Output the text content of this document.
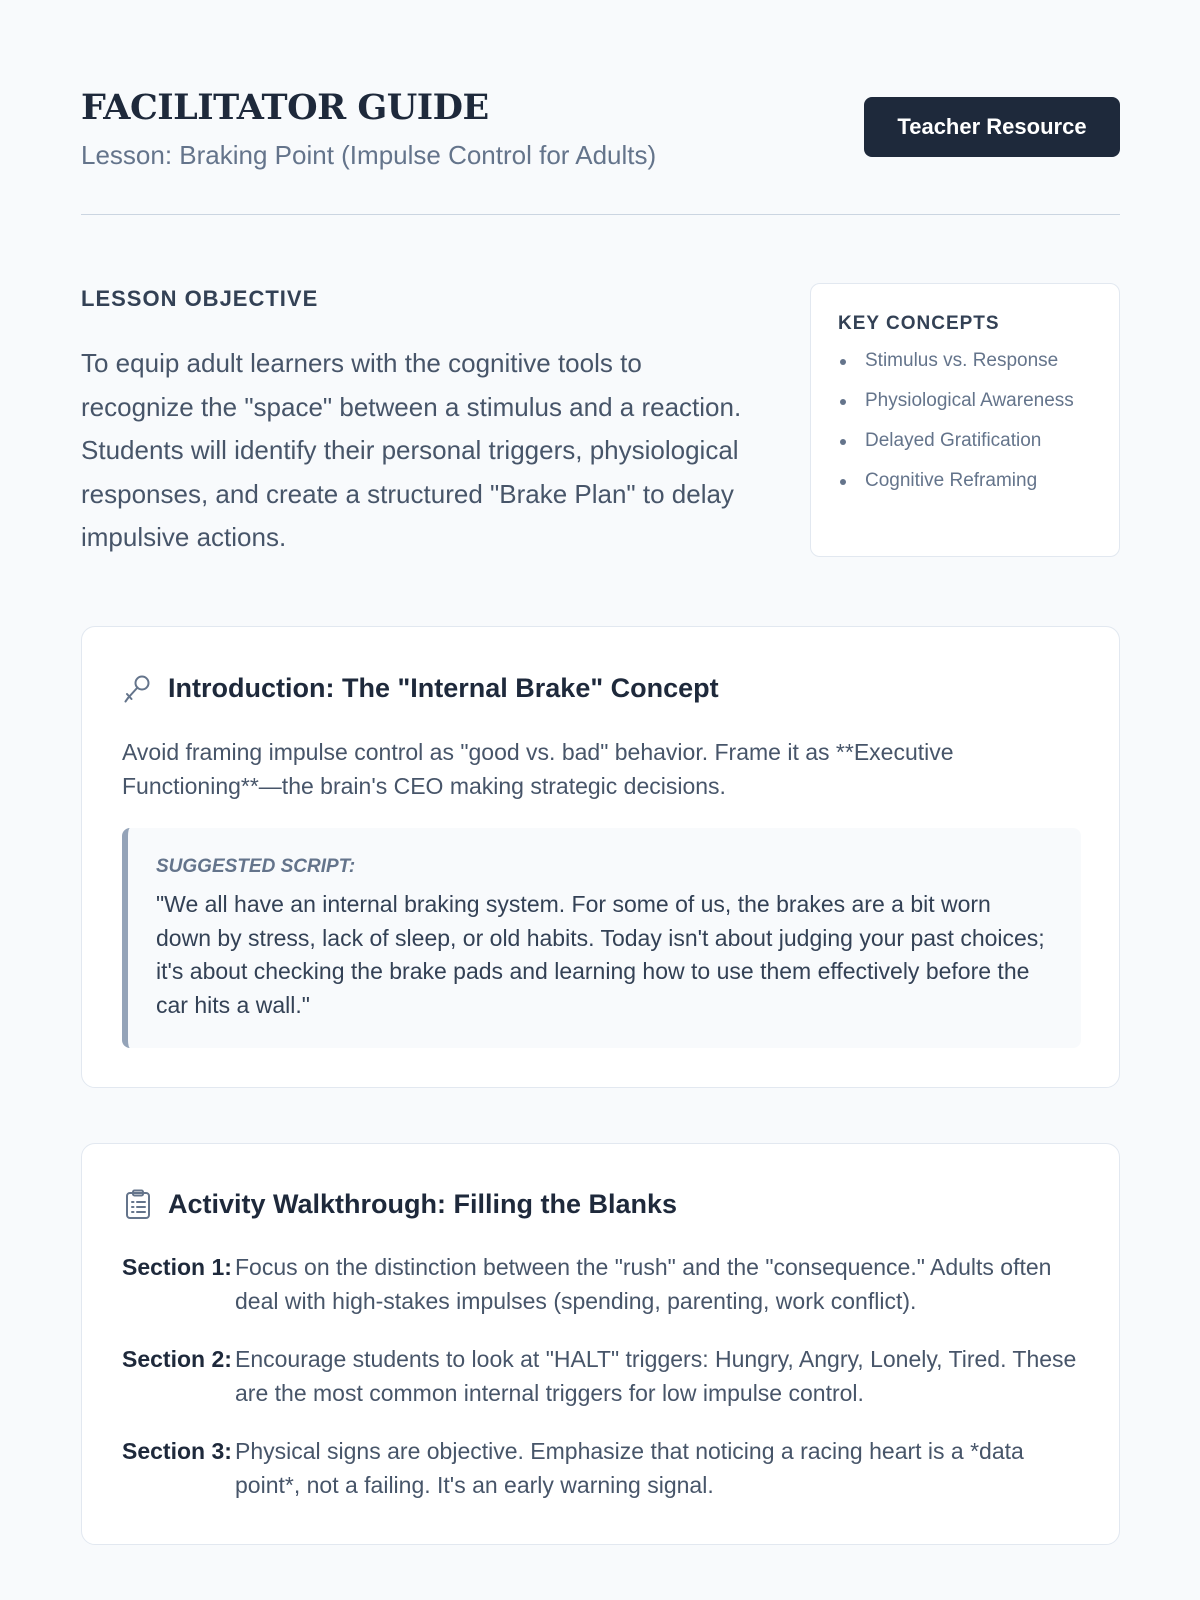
FACILITATOR GUIDE
Lesson: Braking Point (Impulse Control for Adults)
Teacher Resource
LESSON OBJECTIVE

To equip adult learners with the cognitive tools to recognize the "space" between a stimulus and a reaction. Students will identify their personal triggers, physiological responses, and create a structured "Brake Plan" to delay impulsive actions.

KEY CONCEPTS
Stimulus vs. Response
Physiological Awareness
Delayed Gratification
Cognitive Reframing
Introduction: The "Internal Brake" Concept
Avoid framing impulse control as "good vs. bad" behavior. Frame it as **Executive Functioning**—the brain's CEO making strategic decisions.
SUGGESTED SCRIPT:
"We all have an internal braking system. For some of us, the brakes are a bit worn down by stress, lack of sleep, or old habits. Today isn't about judging your past choices; it's about checking the brake pads and learning how to use them effectively before the car hits a wall."
Activity Walkthrough: Filling the Blanks
Section 1: Focus on the distinction between the "rush" and the "consequence." Adults often deal with high-stakes impulses (spending, parenting, work conflict).
Section 2: Encourage students to look at "HALT" triggers: Hungry, Angry, Lonely, Tired. These are the most common internal triggers for low impulse control.
Section 3: Physical signs are objective. Emphasize that noticing a racing heart is a *data point*, not a failing. It's an early warning signal.
